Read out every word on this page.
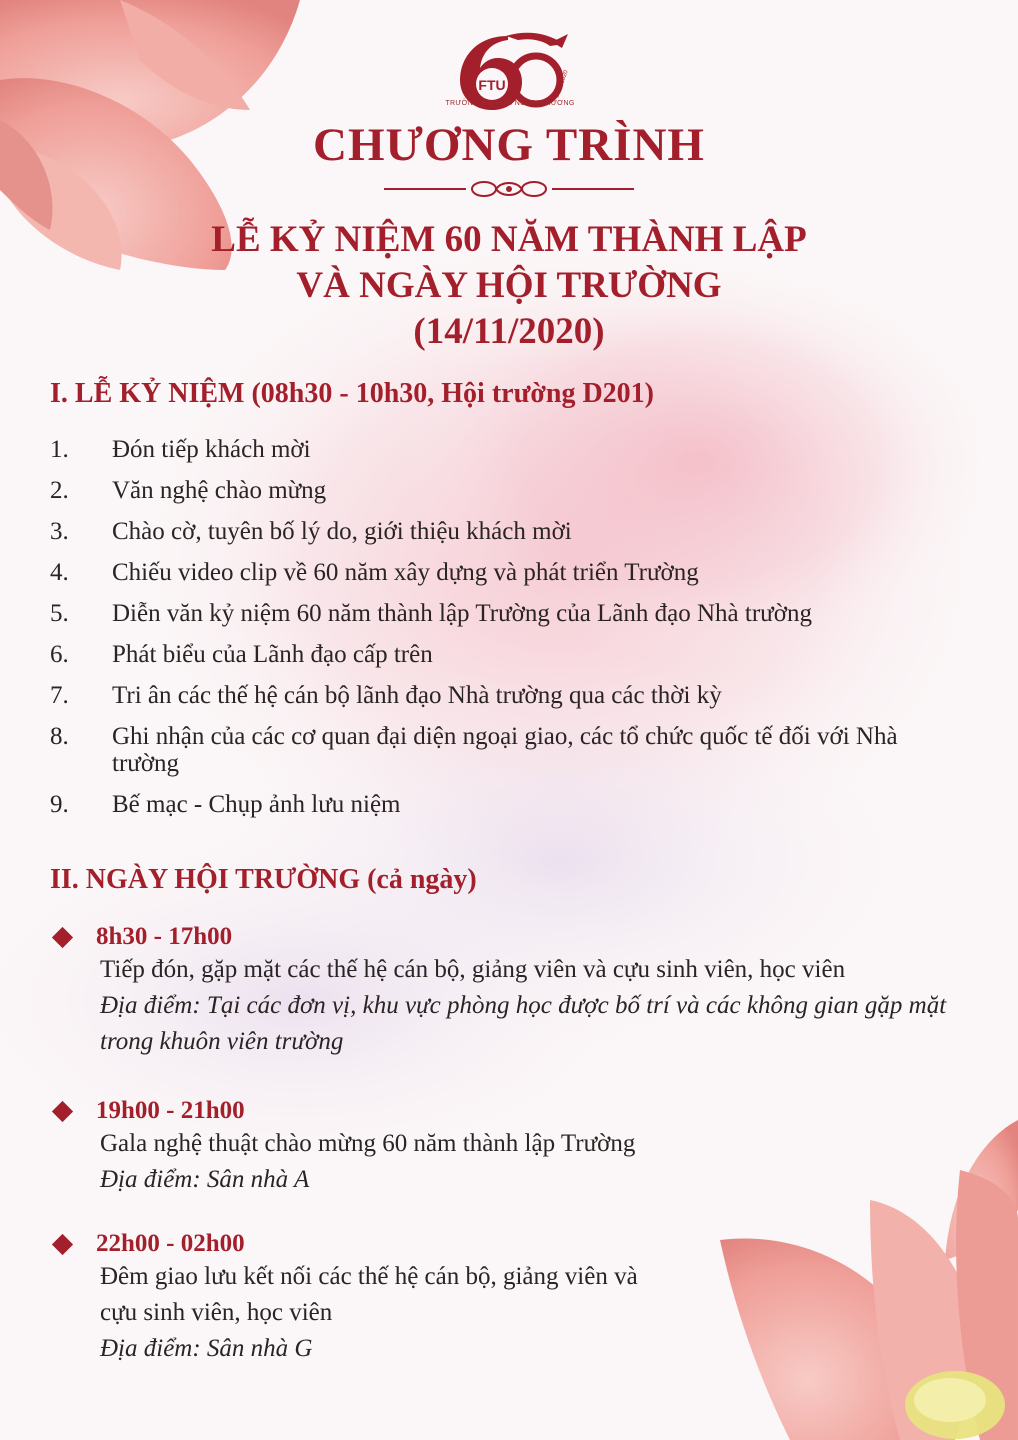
FTU	1960-2020
TRƯỜNG ĐẠI HỌC NGOẠI THƯƠNG
CHƯƠNG TRÌNH
LỄ KỶ NIỆM 60 NĂM THÀNH LẬP
VÀ NGÀY HỘI TRƯỜNG
(14/11/2020)
I. LỄ KỶ NIỆM (08h30 - 10h30, Hội trường D201)
1.	Đón tiếp khách mời
2.	Văn nghệ chào mừng
3.	Chào cờ, tuyên bố lý do, giới thiệu khách mời
4.	Chiếu video clip về 60 năm xây dựng và phát triển Trường
5.	Diễn văn kỷ niệm 60 năm thành lập Trường của Lãnh đạo Nhà trường
6.	Phát biểu của Lãnh đạo cấp trên
7.	Tri ân các thế hệ cán bộ lãnh đạo Nhà trường qua các thời kỳ
8.	Ghi nhận của các cơ quan đại diện ngoại giao, các tổ chức quốc tế đối với Nhà trường
9.	Bế mạc - Chụp ảnh lưu niệm
II. NGÀY HỘI TRƯỜNG (cả ngày)
8h30 - 17h00
Tiếp đón, gặp mặt các thế hệ cán bộ, giảng viên và cựu sinh viên, học viên
Địa điểm: Tại các đơn vị, khu vực phòng học được bố trí và các không gian gặp mặt trong khuôn viên trường
19h00 - 21h00
Gala nghệ thuật chào mừng 60 năm thành lập Trường
Địa điểm: Sân nhà A
22h00 - 02h00
Đêm giao lưu kết nối các thế hệ cán bộ, giảng viên và
cựu sinh viên, học viên
Địa điểm: Sân nhà G
